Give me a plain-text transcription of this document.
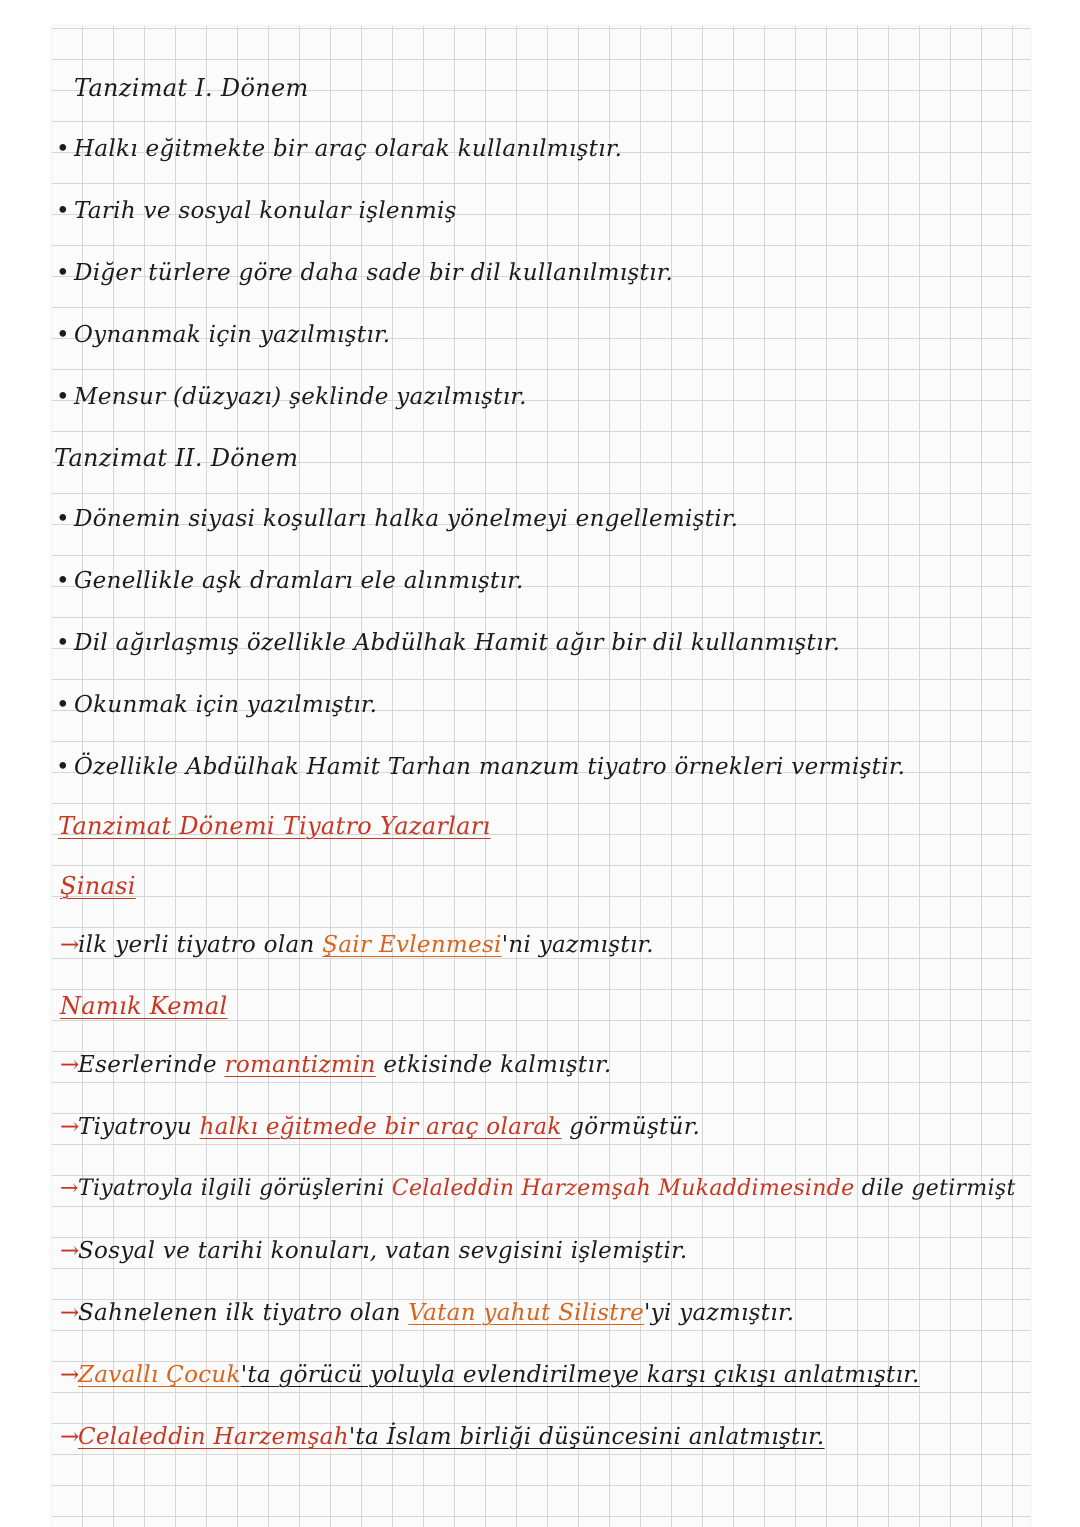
Tanzimat I. Dönem
• Halkı eğitmekte bir araç olarak kullanılmıştır.
• Tarih ve sosyal konular işlenmiş
• Diğer türlere göre daha sade bir dil kullanılmıştır.
• Oynanmak için yazılmıştır.
• Mensur (düzyazı) şeklinde yazılmıştır.
Tanzimat II. Dönem
• Dönemin siyasi koşulları halka yönelmeyi engellemiştir.
• Genellikle aşk dramları ele alınmıştır.
• Dil ağırlaşmış özellikle Abdülhak Hamit ağır bir dil kullanmıştır.
• Okunmak için yazılmıştır.
• Özellikle Abdülhak Hamit Tarhan manzum tiyatro örnekleri vermiştir.
Tanzimat Dönemi Tiyatro Yazarları
Şinasi
→ilk yerli tiyatro olan Şair Evlenmesi'ni yazmıştır.
Namık Kemal
→Eserlerinde romantizmin etkisinde kalmıştır.
→Tiyatroyu halkı eğitmede bir araç olarak görmüştür.
→Tiyatroyla ilgili görüşlerini Celaleddin Harzemşah Mukaddimesinde dile getirmişt
→Sosyal ve tarihi konuları, vatan sevgisini işlemiştir.
→Sahnelenen ilk tiyatro olan Vatan yahut Silistre'yi yazmıştır.
→Zavallı Çocuk'ta görücü yoluyla evlendirilmeye karşı çıkışı anlatmıştır.
→Celaleddin Harzemşah'ta İslam birliği düşüncesini anlatmıştır.
